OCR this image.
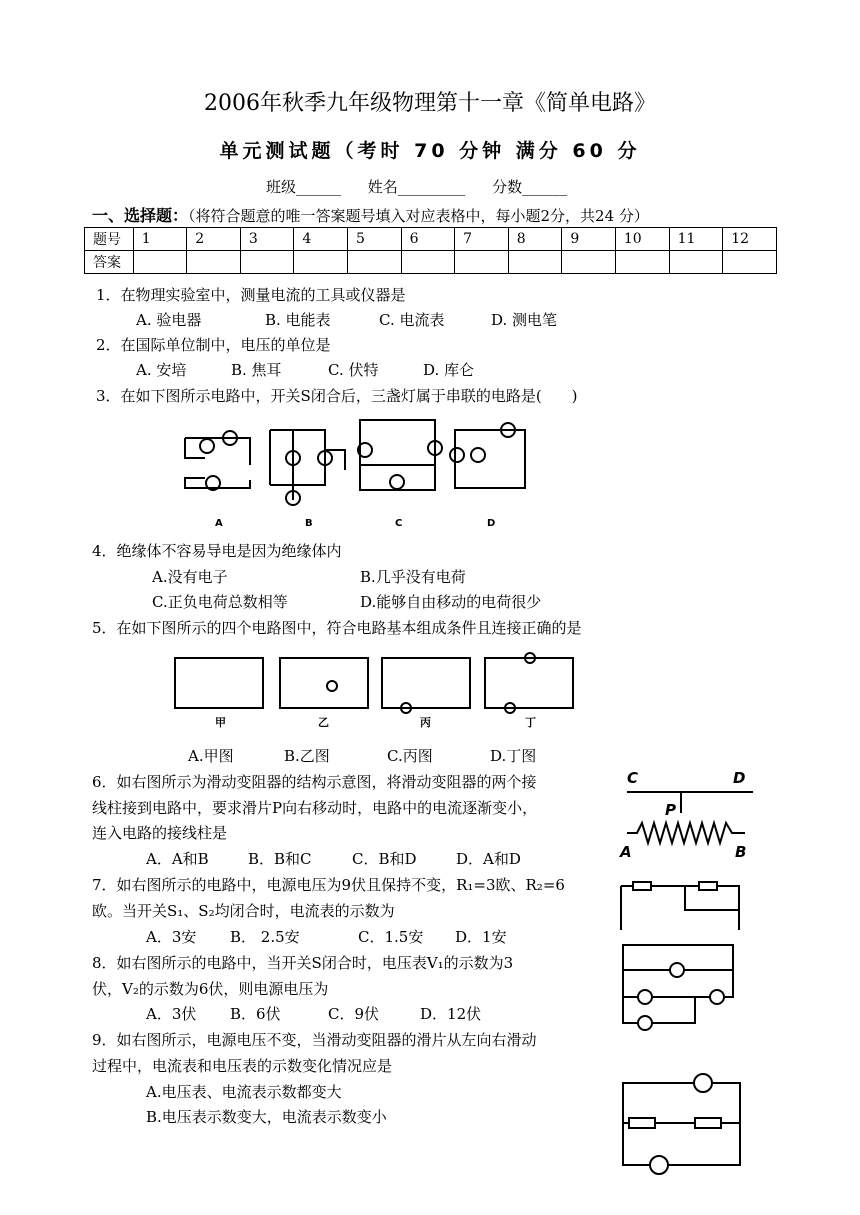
2006年秋季九年级物理第十一章《简单电路》
单元测试题（考时 70 分钟 满分 60 分
班级______ 姓名_________ 分数______
一、选择题：（将符合题意的唯一答案题号填入对应表格中，每小题2分，共24 分）
题号	1	2	3	4	5	6	7	8	9	10	11	12
答案												
1．在物理实验室中，测量电流的工具或仪器是
A. 验电器	B. 电能表	C. 电流表	D. 测电笔
2．在国际单位制中，电压的单位是
A. 安培	B. 焦耳	C. 伏特	D. 库仑
3．在如下图所示电路中，开关S闭合后，三盏灯属于串联的电路是(　　)
A	B	C	D
4．绝缘体不容易导电是因为绝缘体内
A.没有电子	B.几乎没有电荷
C.正负电荷总数相等	D.能够自由移动的电荷很少
5．在如下图所示的四个电路图中，符合电路基本组成条件且连接正确的是
甲	乙	丙	丁
A.甲图	B.乙图	C.丙图	D.丁图
6．如右图所示为滑动变阻器的结构示意图，将滑动变阻器的两个接
线柱接到电路中，要求滑片P向右移动时，电路中的电流逐渐变小，
连入电路的接线柱是
A．A和B	B．B和C	C．B和D	D．A和D
C	D
P
A	B
7．如右图所示的电路中，电源电压为9伏且保持不变，R₁=3欧、R₂=6
欧。当开关S₁、S₂均闭合时，电流表的示数为
A．3安 B． 2.5安	C．1.5安 D．1安
8．如右图所示的电路中，当开关S闭合时，电压表V₁的示数为3
伏，V₂的示数为6伏，则电源电压为
A．3伏 B．6伏	C．9伏	D．12伏
9．如右图所示，电源电压不变，当滑动变阻器的滑片从左向右滑动
过程中，电流表和电压表的示数变化情况应是
A.电压表、电流表示数都变大
B.电压表示数变大，电流表示数变小
